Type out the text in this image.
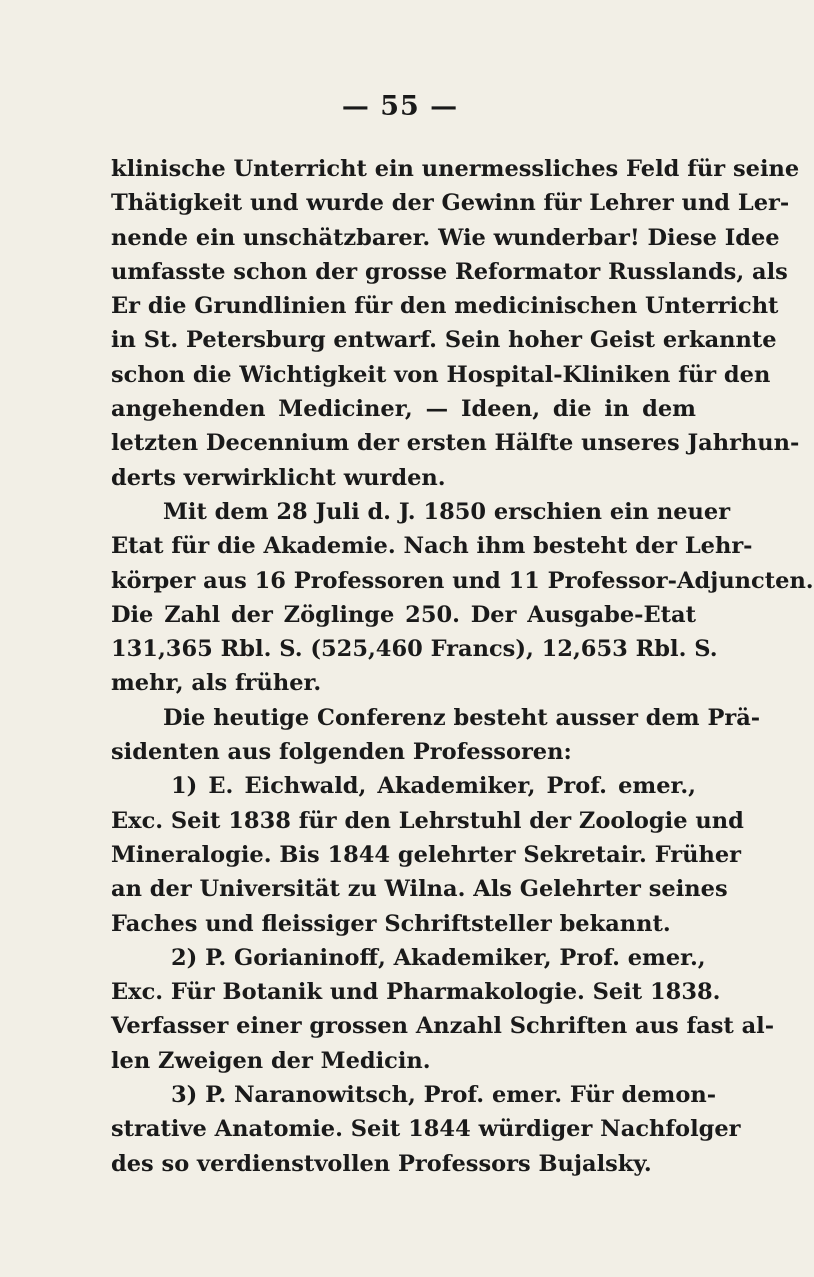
— 55 —
klinische Unterricht ein unermessliches Feld für seine
Thätigkeit und wurde der Gewinn für Lehrer und Ler-
nende ein unschätzbarer. Wie wunderbar! Diese Idee
umfasste schon der grosse Reformator Russlands, als
Er die Grundlinien für den medicinischen Unterricht
in St. Petersburg entwarf. Sein hoher Geist erkannte
schon die Wichtigkeit von Hospital-Kliniken für den
angehenden Mediciner, — Ideen, die in dem
letzten Decennium der ersten Hälfte unseres Jahrhun-
derts verwirklicht wurden.
Mit dem 28 Juli d. J. 1850 erschien ein neuer
Etat für die Akademie. Nach ihm besteht der Lehr-
körper aus 16 Professoren und 11 Professor-Adjuncten.
Die Zahl der Zöglinge 250. Der Ausgabe-Etat
131,365 Rbl. S. (525,460 Francs), 12,653 Rbl. S.
mehr, als früher.
Die heutige Conferenz besteht ausser dem Prä-
sidenten aus folgenden Professoren:
1) E. Eichwald, Akademiker, Prof. emer.,
Exc. Seit 1838 für den Lehrstuhl der Zoologie und
Mineralogie. Bis 1844 gelehrter Sekretair. Früher
an der Universität zu Wilna. Als Gelehrter seines
Faches und fleissiger Schriftsteller bekannt.
2) P. Gorianinoff, Akademiker, Prof. emer.,
Exc. Für Botanik und Pharmakologie. Seit 1838.
Verfasser einer grossen Anzahl Schriften aus fast al-
len Zweigen der Medicin.
3) P. Naranowitsch, Prof. emer. Für demon-
strative Anatomie. Seit 1844 würdiger Nachfolger
des so verdienstvollen Professors Bujalsky.
